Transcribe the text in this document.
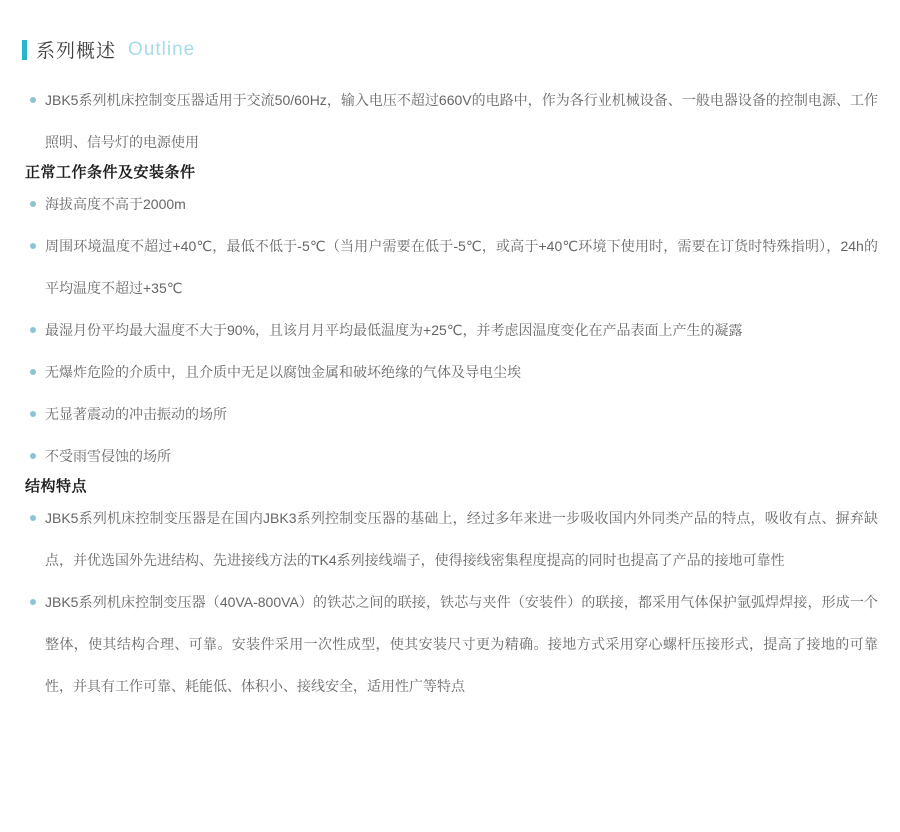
系列概述 Outline
JBK5系列机床控制变压器适用于交流50/60Hz，输入电压不超过660V的电路中，作为各行业机械设备、一般电器设备的控制电源、工作照明、信号灯的电源使用
正常工作条件及安装条件
海拔高度不高于2000m
周围环境温度不超过+40℃，最低不低于-5℃（当用户需要在低于-5℃，或高于+40℃环境下使用时，需要在订货时特殊指明），24h的平均温度不超过+35℃
最湿月份平均最大温度不大于90%，且该月月平均最低温度为+25℃，并考虑因温度变化在产品表面上产生的凝露
无爆炸危险的介质中，且介质中无足以腐蚀金属和破坏绝缘的气体及导电尘埃
无显著震动的冲击振动的场所
不受雨雪侵蚀的场所
结构特点
JBK5系列机床控制变压器是在国内JBK3系列控制变压器的基础上，经过多年来进一步吸收国内外同类产品的特点，吸收有点、摒弃缺点，并优选国外先进结构、先进接线方法的TK4系列接线端子，使得接线密集程度提高的同时也提高了产品的接地可靠性
JBK5系列机床控制变压器（40VA-800VA）的铁芯之间的联接，铁芯与夹件（安装件）的联接，都采用气体保护氩弧焊焊接，形成一个整体，使其结构合理、可靠。安装件采用一次性成型，使其安装尺寸更为精确。接地方式采用穿心螺杆压接形式，提高了接地的可靠性，并具有工作可靠、耗能低、体积小、接线安全，适用性广等特点
